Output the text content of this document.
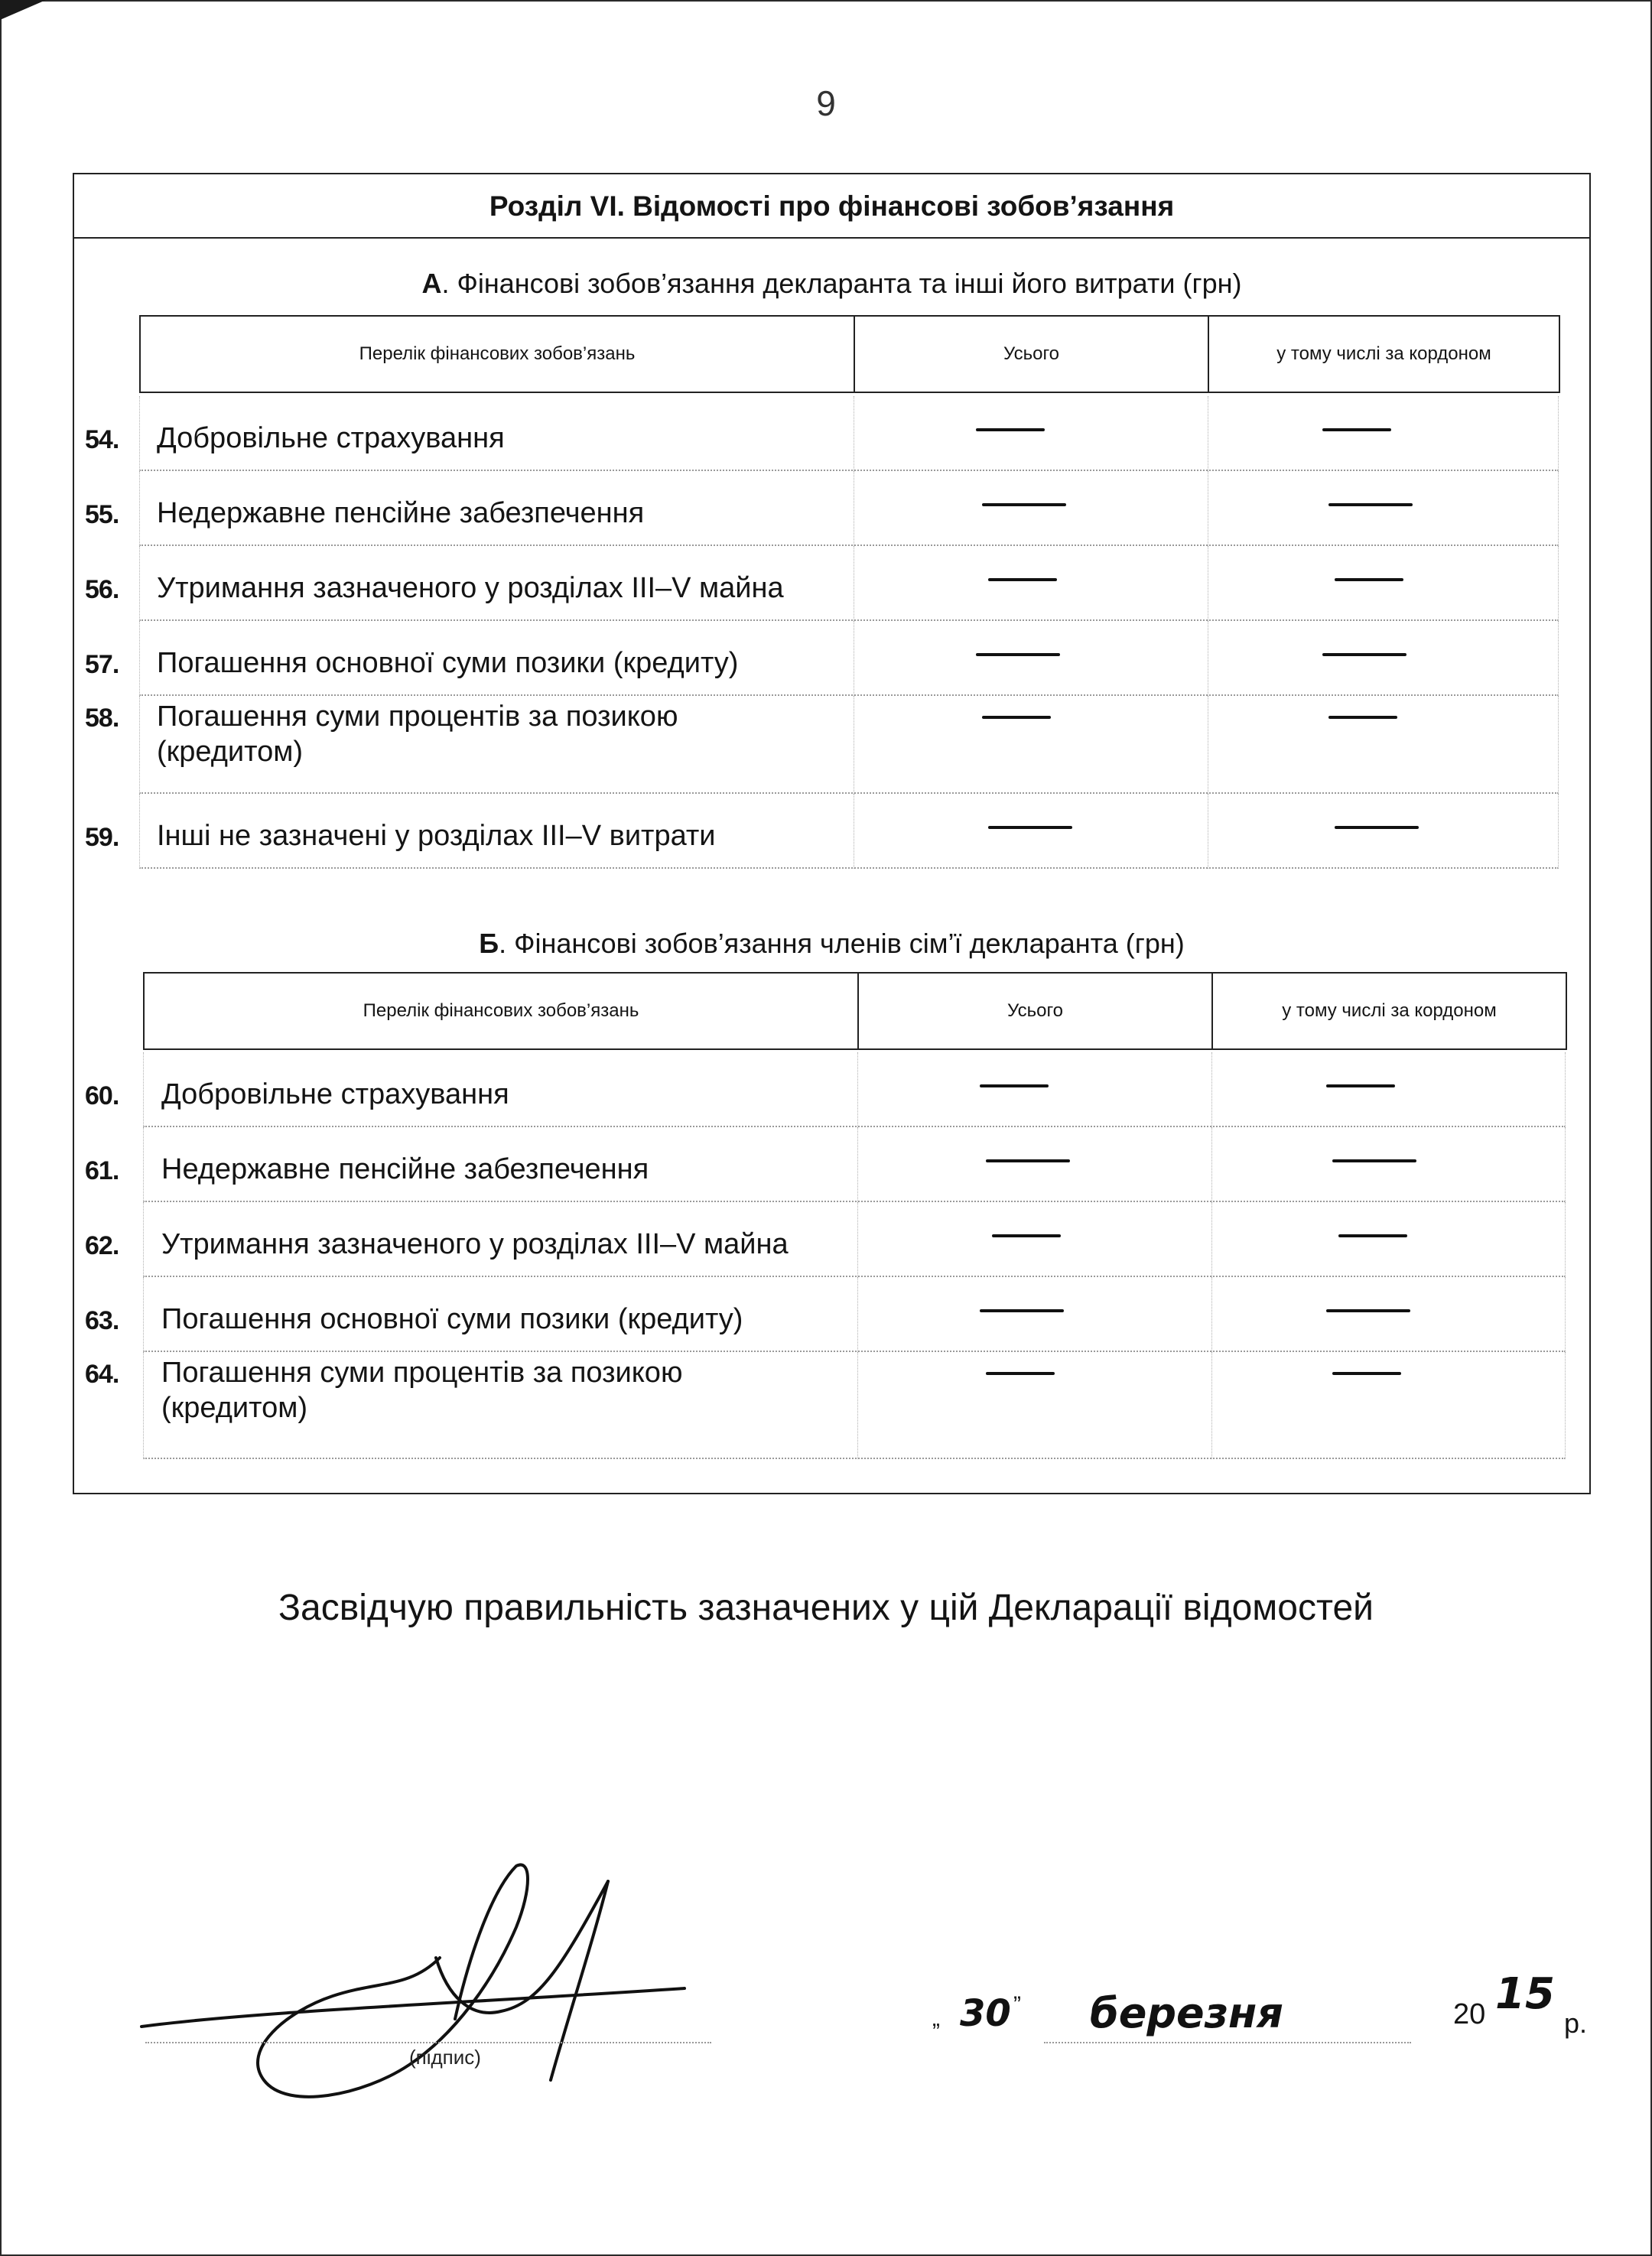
9
Розділ VI. Відомості про фінансові зобов’язання
А. Фінансові зобов’язання декларанта та інші його витрати (грн)
Перелік фінансових зобов’язань	Усього	у тому числі за кордоном
54. Добровільне страхування
55. Недержавне пенсійне забезпечення
56. Утримання зазначеного у розділах III–V майна
57. Погашення основної суми позики (кредиту)
58. Погашення суми процентів за позикою (кредитом)
59. Інші не зазначені у розділах III–V витрати
Б. Фінансові зобов’язання членів сім’ї декларанта (грн)
Перелік фінансових зобов’язань	Усього	у тому числі за кордоном
60. Добровільне страхування
61. Недержавне пенсійне забезпечення
62. Утримання зазначеного у розділах III–V майна
63. Погашення основної суми позики (кредиту)
64. Погашення суми процентів за позикою (кредитом)
Засвідчую правильність зазначених у цій Декларації відомостей
(підпис)
„ 30 ” березня	20 15
р.
